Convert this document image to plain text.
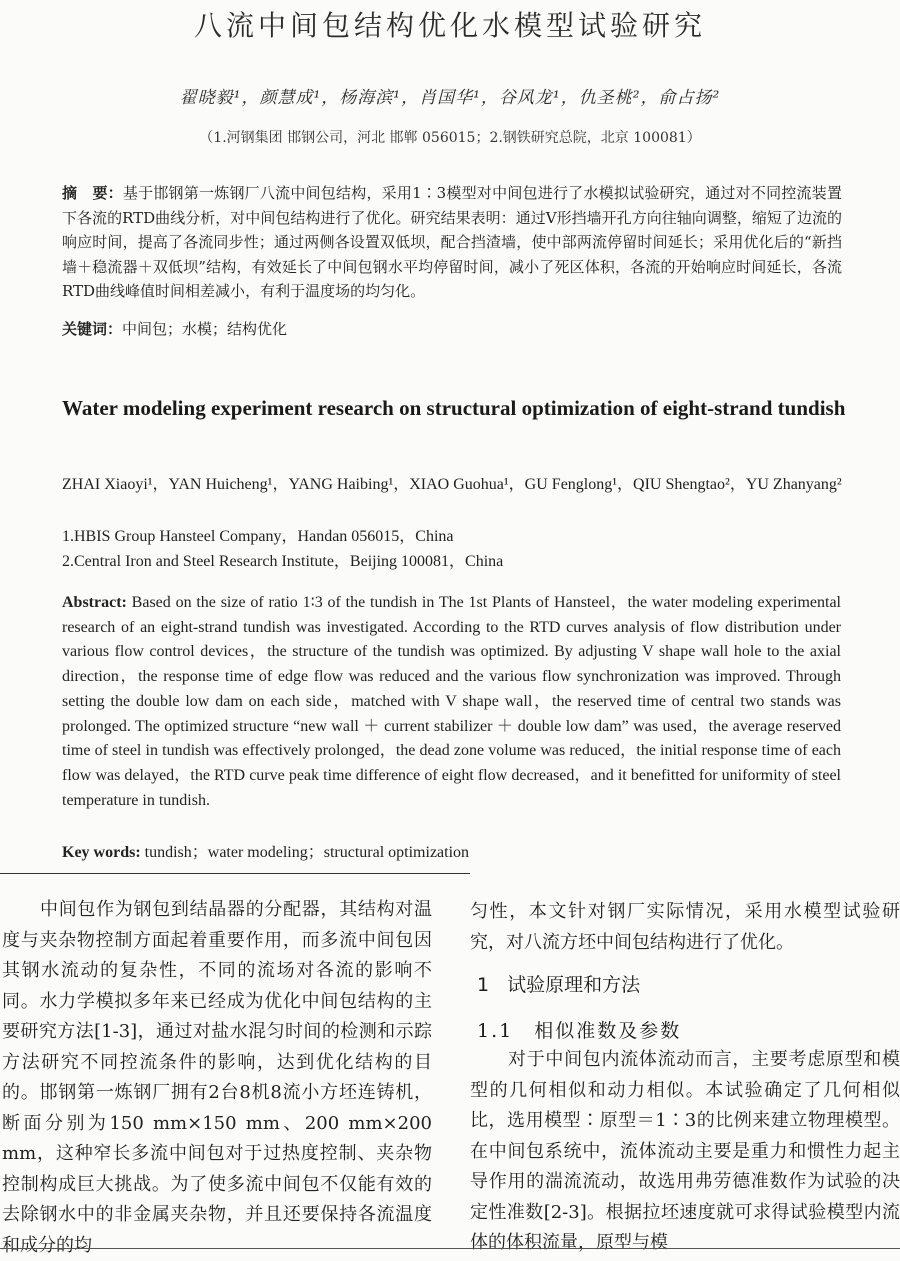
八流中间包结构优化水模型试验研究
翟晓毅¹，颜慧成¹，杨海滨¹，肖国华¹，谷风龙¹，仇圣桃²，俞占扬²
（1.河钢集团 邯钢公司，河北 邯郸 056015；2.钢铁研究总院，北京 100081）
摘　要：基于邯钢第一炼钢厂八流中间包结构，采用1∶3模型对中间包进行了水模拟试验研究，通过对不同控流装置下各流的RTD曲线分析，对中间包结构进行了优化。研究结果表明：通过V形挡墙开孔方向往轴向调整，缩短了边流的响应时间，提高了各流同步性；通过两侧各设置双低坝，配合挡渣墙，使中部两流停留时间延长；采用优化后的“新挡墙＋稳流器＋双低坝”结构，有效延长了中间包钢水平均停留时间，减小了死区体积，各流的开始响应时间延长，各流RTD曲线峰值时间相差减小，有利于温度场的均匀化。
关键词：中间包；水模；结构优化
Water modeling experiment research on structural optimization of eight-strand tundish
ZHAI Xiaoyi¹，YAN Huicheng¹，YANG Haibing¹，XIAO Guohua¹，GU Fenglong¹，QIU Shengtao²，YU Zhanyang²
1.HBIS Group Hansteel Company，Handan 056015，China
2.Central Iron and Steel Research Institute，Beijing 100081，China
Abstract: Based on the size of ratio 1∶3 of the tundish in The 1st Plants of Hansteel，the water modeling experimental research of an eight-strand tundish was investigated. According to the RTD curves analysis of flow distribution under various flow control devices，the structure of the tundish was optimized. By adjusting V shape wall hole to the axial direction，the response time of edge flow was reduced and the various flow synchronization was improved. Through setting the double low dam on each side，matched with V shape wall，the reserved time of central two stands was prolonged. The optimized structure “new wall ＋ current stabilizer ＋ double low dam” was used，the average reserved time of steel in tundish was effectively prolonged，the dead zone volume was reduced，the initial response time of each flow was delayed，the RTD curve peak time difference of eight flow decreased，and it benefitted for uniformity of steel temperature in tundish.
Key words: tundish；water modeling；structural optimization

中间包作为钢包到结晶器的分配器，其结构对温度与夹杂物控制方面起着重要作用，而多流中间包因其钢水流动的复杂性，不同的流场对各流的影响不同。水力学模拟多年来已经成为优化中间包结构的主要研究方法[1-3]，通过对盐水混匀时间的检测和示踪方法研究不同控流条件的影响，达到优化结构的目的。邯钢第一炼钢厂拥有2台8机8流小方坯连铸机，断面分别为150 mm×150 mm、200 mm×200 mm，这种窄长多流中间包对于过热度控制、夹杂物控制构成巨大挑战。为了使多流中间包不仅能有效的去除钢水中的非金属夹杂物，并且还要保持各流温度和成分的均

匀性，本文针对钢厂实际情况，采用水模型试验研究，对八流方坯中间包结构进行了优化。

1 试验原理和方法
1.1　相似准数及参数

对于中间包内流体流动而言，主要考虑原型和模型的几何相似和动力相似。本试验确定了几何相似比，选用模型∶原型＝1∶3的比例来建立物理模型。在中间包系统中，流体流动主要是重力和惯性力起主导作用的湍流流动，故选用弗劳德准数作为试验的决定性准数[2-3]。根据拉坯速度就可求得试验模型内流体的体积流量，原型与模
